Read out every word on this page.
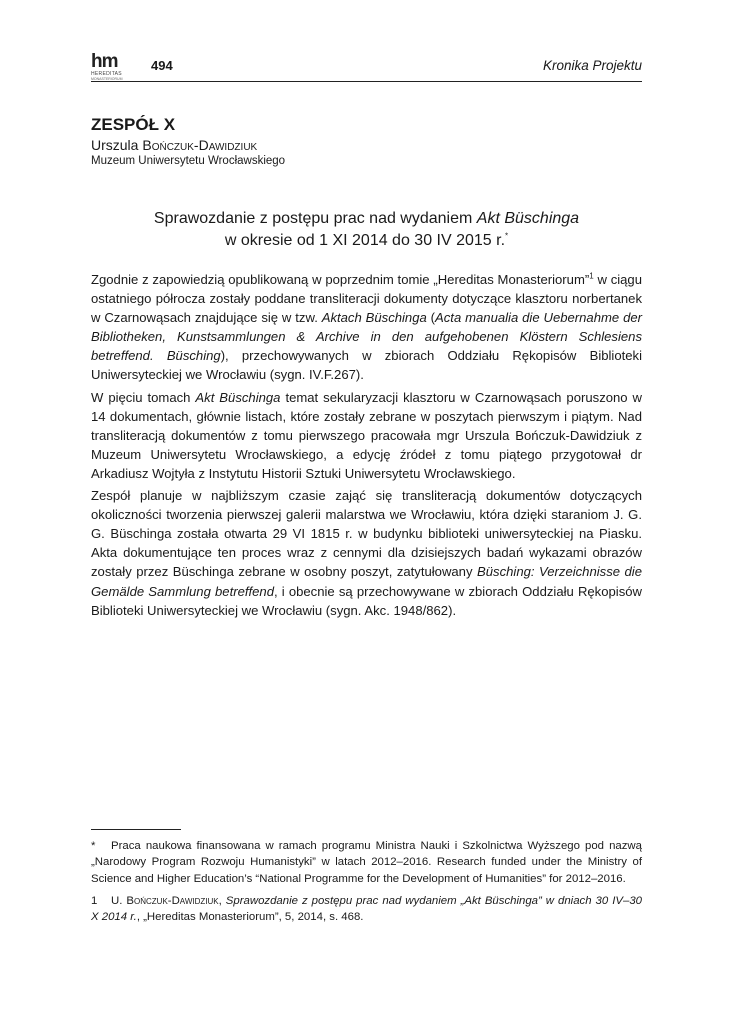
hm
HEREDITAS
MONASTERIORUM
494	Kronika Projektu
ZESPÓŁ X
Urszula Bończuk-Dawidziuk
Muzeum Uniwersytetu Wrocławskiego
Sprawozdanie z postępu prac nad wydaniem Akt Büschinga
w okresie od 1 XI 2014 do 30 IV 2015 r.*

Zgodnie z zapowiedzią opublikowaną w poprzednim tomie „Hereditas Monasteriorum”$^1$ w ciągu ostatniego półrocza zostały poddane transliteracji dokumenty dotyczące klasztoru norbertanek w Czarnowąsach znajdujące się w tzw. Aktach Büschinga (Acta manualia die Uebernahme der Bibliotheken, Kunstsammlungen & Archive in den aufgehobenen Klöstern Schlesiens betreffend. Büsching), przechowywanych w zbiorach Oddziału Rękopisów Biblioteki Uniwersyteckiej we Wrocławiu (sygn. IV.F.267).

W pięciu tomach Akt Büschinga temat sekularyzacji klasztoru w Czarnowąsach poruszono w 14 dokumentach, głównie listach, które zostały zebrane w poszytach pierwszym i piątym. Nad transliteracją dokumentów z tomu pierwszego pracowała mgr Urszula Bończuk-Dawidziuk z Muzeum Uniwersytetu Wrocławskiego, a edycję źródeł z tomu piątego przygotował dr Arkadiusz Wojtyła z Instytutu Historii Sztuki Uniwersytetu Wrocławskiego.

Zespół planuje w najbliższym czasie zająć się transliteracją dokumentów dotyczących okoliczności tworzenia pierwszej galerii malarstwa we Wrocławiu, która dzięki staraniom J. G. G. Büschinga została otwarta 29 VI 1815 r. w budynku biblioteki uniwersyteckiej na Piasku. Akta dokumentujące ten proces wraz z cennymi dla dzisiejszych badań wykazami obrazów zostały przez Büschinga zebrane w osobny poszyt, zatytułowany Büsching: Verzeichnisse die Gemälde Sammlung betreffend, i obecnie są przechowywane w zbiorach Oddziału Rękopisów Biblioteki Uniwersyteckiej we Wrocławiu (sygn. Akc. 1948/862).

* Praca naukowa finansowana w ramach programu Ministra Nauki i Szkolnictwa Wyższego pod nazwą „Narodowy Program Rozwoju Humanistyki” w latach 2012–2016. Research funded under the Ministry of Science and Higher Education’s “National Programme for the Development of Humanities” for 2012–2016.

1 U. Bończuk-Dawidziuk, Sprawozdanie z postępu prac nad wydaniem „Akt Büschinga” w dniach 30 IV–30 X 2014 r., „Hereditas Monasteriorum”, 5, 2014, s. 468.
